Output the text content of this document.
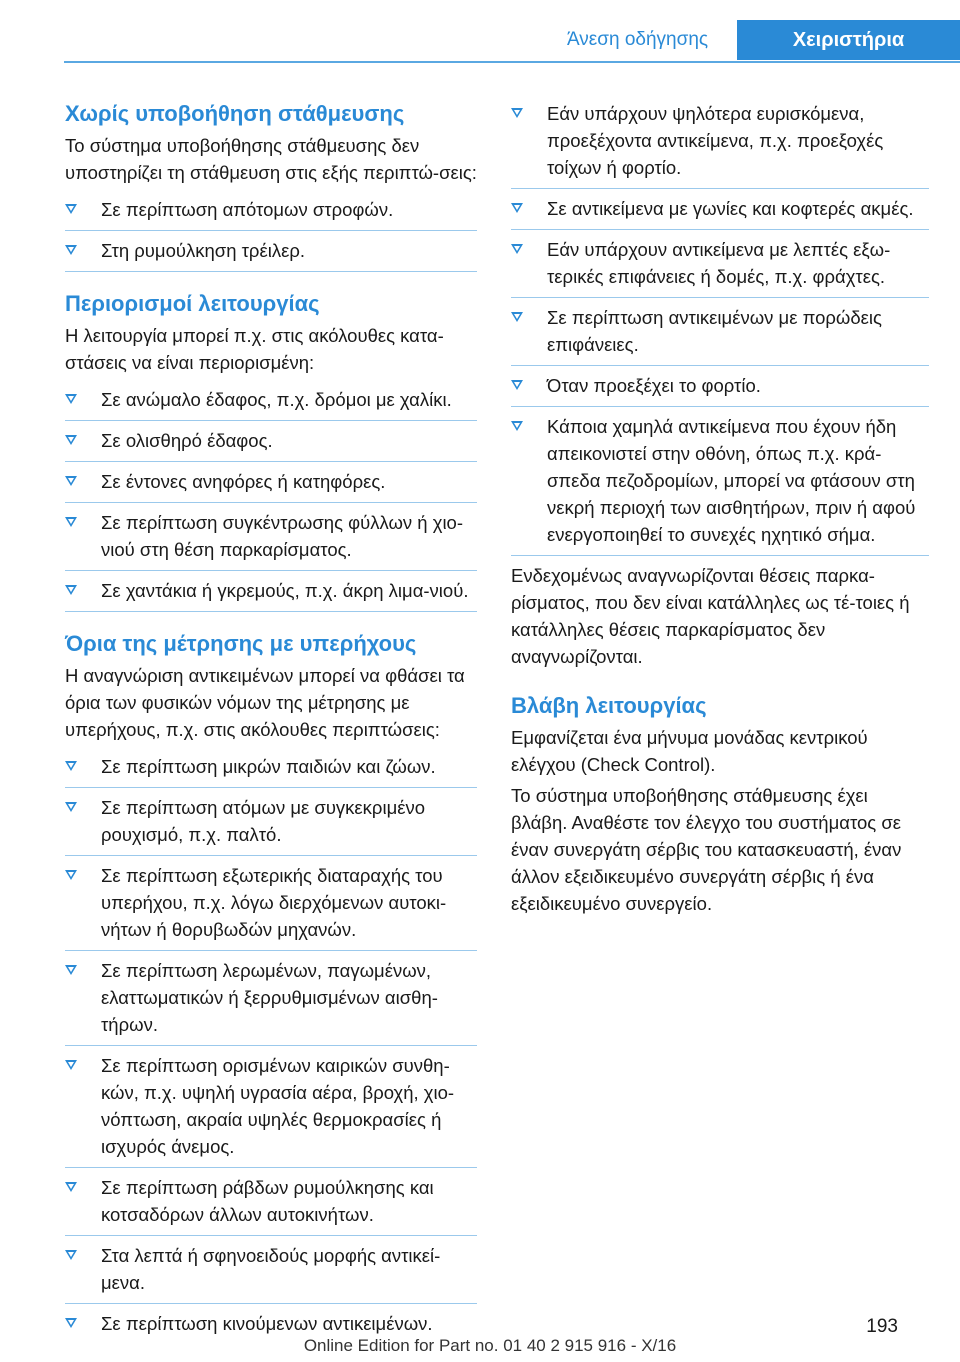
Άνεση οδήγησης	Χειριστήρια
Χωρίς υποβοήθηση στάθμευσης

Το σύστημα υποβοήθησης στάθμευσης δεν υποστηρίζει τη στάθμευση στις εξής περιπτώ‐σεις:

Σε περίπτωση απότομων στροφών.
Στη ρυμούλκηση τρέιλερ.
Περιορισμοί λειτουργίας

Η λειτουργία μπορεί π.χ. στις ακόλουθες κατα‐στάσεις να είναι περιορισμένη:

Σε ανώμαλο έδαφος, π.χ. δρόμοι με χαλίκι.
Σε ολισθηρό έδαφος.
Σε έντονες ανηφόρες ή κατηφόρες.
Σε περίπτωση συγκέντρωσης φύλλων ή χιο‐νιού στη θέση παρκαρίσματος.
Σε χαντάκια ή γκρεμούς, π.χ. άκρη λιμα‐νιού.
Όρια της μέτρησης με υπερήχους

Η αναγνώριση αντικειμένων μπορεί να φθάσει τα όρια των φυσικών νόμων της μέτρησης με υπερήχους, π.χ. στις ακόλουθες περιπτώσεις:

Σε περίπτωση μικρών παιδιών και ζώων.
Σε περίπτωση ατόμων με συγκεκριμένο ρουχισμό, π.χ. παλτό.
Σε περίπτωση εξωτερικής διαταραχής του υπερήχου, π.χ. λόγω διερχόμενων αυτοκι‐νήτων ή θορυβωδών μηχανών.
Σε περίπτωση λερωμένων, παγωμένων, ελαττωματικών ή ξερρυθμισμένων αισθη‐τήρων.
Σε περίπτωση ορισμένων καιρικών συνθη‐κών, π.χ. υψηλή υγρασία αέρα, βροχή, χιο‐νόπτωση, ακραία υψηλές θερμοκρασίες ή ισχυρός άνεμος.
Σε περίπτωση ράβδων ρυμούλκησης και κοτσαδόρων άλλων αυτοκινήτων.
Στα λεπτά ή σφηνοειδούς μορφής αντικεί‐μενα.
Σε περίπτωση κινούμενων αντικειμένων.
Εάν υπάρχουν ψηλότερα ευρισκόμενα, προεξέχοντα αντικείμενα, π.χ. προεξοχές τοίχων ή φορτίο.
Σε αντικείμενα με γωνίες και κοφτερές ακμές.
Εάν υπάρχουν αντικείμενα με λεπτές εξω‐τερικές επιφάνειες ή δομές, π.χ. φράχτες.
Σε περίπτωση αντικειμένων με πορώδεις επιφάνειες.
Όταν προεξέχει το φορτίο.
Κάποια χαμηλά αντικείμενα που έχουν ήδη απεικονιστεί στην οθόνη, όπως π.χ. κρά‐σπεδα πεζοδρομίων, μπορεί να φτάσουν στη νεκρή περιοχή των αισθητήρων, πριν ή αφού ενεργοποιηθεί το συνεχές ηχητικό σήμα.

Ενδεχομένως αναγνωρίζονται θέσεις παρκα‐ρίσματος, που δεν είναι κατάλληλες ως τέ‐τοιες ή κατάλληλες θέσεις παρκαρίσματος δεν αναγνωρίζονται.

Βλάβη λειτουργίας

Εμφανίζεται ένα μήνυμα μονάδας κεντρικού ελέγχου (Check Control).

Το σύστημα υποβοήθησης στάθμευσης έχει βλάβη. Αναθέστε τον έλεγχο του συστήματος σε έναν συνεργάτη σέρβις του κατασκευαστή, έναν άλλον εξειδικευμένο συνεργάτη σέρβις ή ένα εξειδικευμένο συνεργείο.

193
Online Edition for Part no. 01 40 2 915 916 - X/16
